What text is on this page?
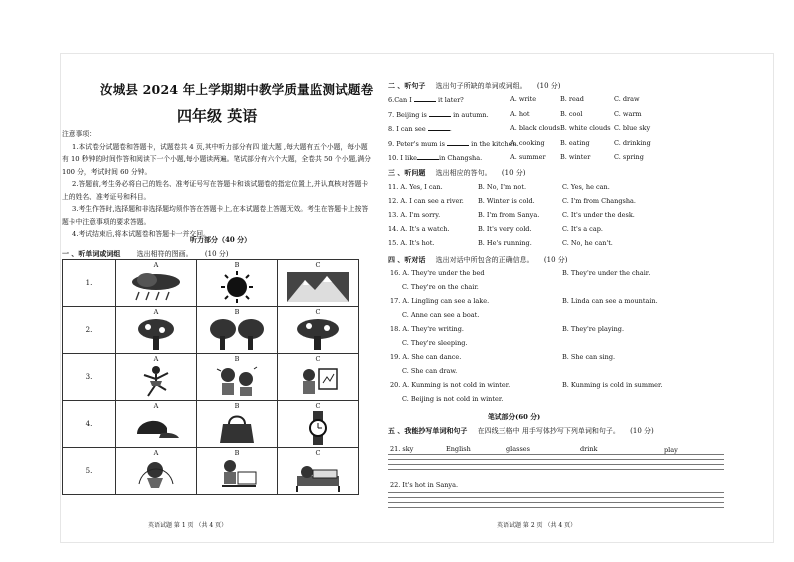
汝城县 2024 年上学期期中教学质量监测试题卷
四年级 英语

注意事项：

1.本试卷分试题卷和答题卡，试题卷共 4 页,其中听力部分有四 道大题 ,每大题有五个小题，每小题有 10 秒钟的时间作答和阅读下一个小题,每小题读两遍。笔试部分有六个大题，全卷共 50 个小题,满分 100 分，考试时间 60 分钟。

2.答题前,考生务必将自己的姓名、准考证号写在答题卡和该试题卷的指定位置上,并认真核对答题卡上的姓名、准考证号和科目。

3.考生作答时,选择题和非选择题均须作答在答题卡上,在本试题卷上答题无效。考生在答题卡上按答题卡中注意事项的要求答题。

4.考试结束后,将本试题卷和答题卡一并交回。

听力部分（40 分）
一 、听单词或词组 选出相符的图画。 (10 分)
1.	A	B	C

2.	A	B	C

3.	A	B	C

4.	A	B	C

5.	A	B	C
英语试题 第 1 页 （共 4 页）
二 、听句子 选出句子所缺的单词或词组。 (10 分)
6.Can I	it later?	A. write	B. read	C. draw
7. Beijing is	in autumn.	A. hot	B. cool	C. warm
8. I can see	.	A. black clouds B. white clouds C. blue sky
9. Peter's mum is	in the kitchen.
A. cooking B. eating	C. drinking
10. I like	in Changsha.	A. summer B. winter	C. spring
三 、听问题 选出相应的答句。 (10 分)
11. A. Yes, I can.	B. No, I'm not.	C. Yes, he can.
12. A. I can see a river. B. Winter is cold.	C. I'm from Changsha.
13. A. I'm sorry.	B. I'm from Sanya.	C. It's under the desk.
14. A. It's a watch.	B. It's very cold.	C. It's a cap.
15. A. It's hot.	B. He's running.	C. No, he can't.
四 、听对话 选出对话中所包含的正确信息。 (10 分)
16. A. They're under the bed	B. They're under the chair.
C. They're on the chair.
17. A. Lingling can see a lake.	B. Linda can see a mountain.
C. Anne can see a boat.
18. A. They're writing.	B. They're playing.
C. They're sleeping.
19. A. She can dance.	B. She can sing.
C. She can draw.
20. A. Kunming is not cold in winter.	B. Kunming is cold in summer.
C. Beijing is not cold in winter.
笔试部分(60 分)
五 、我能抄写单词和句子 在四线三格中 用手写体抄写下列单词和句子。 (10 分)
21. sky	English	glasses	drink	play
22. It's hot in Sanya.
英语试题 第 2 页 （共 4 页）
